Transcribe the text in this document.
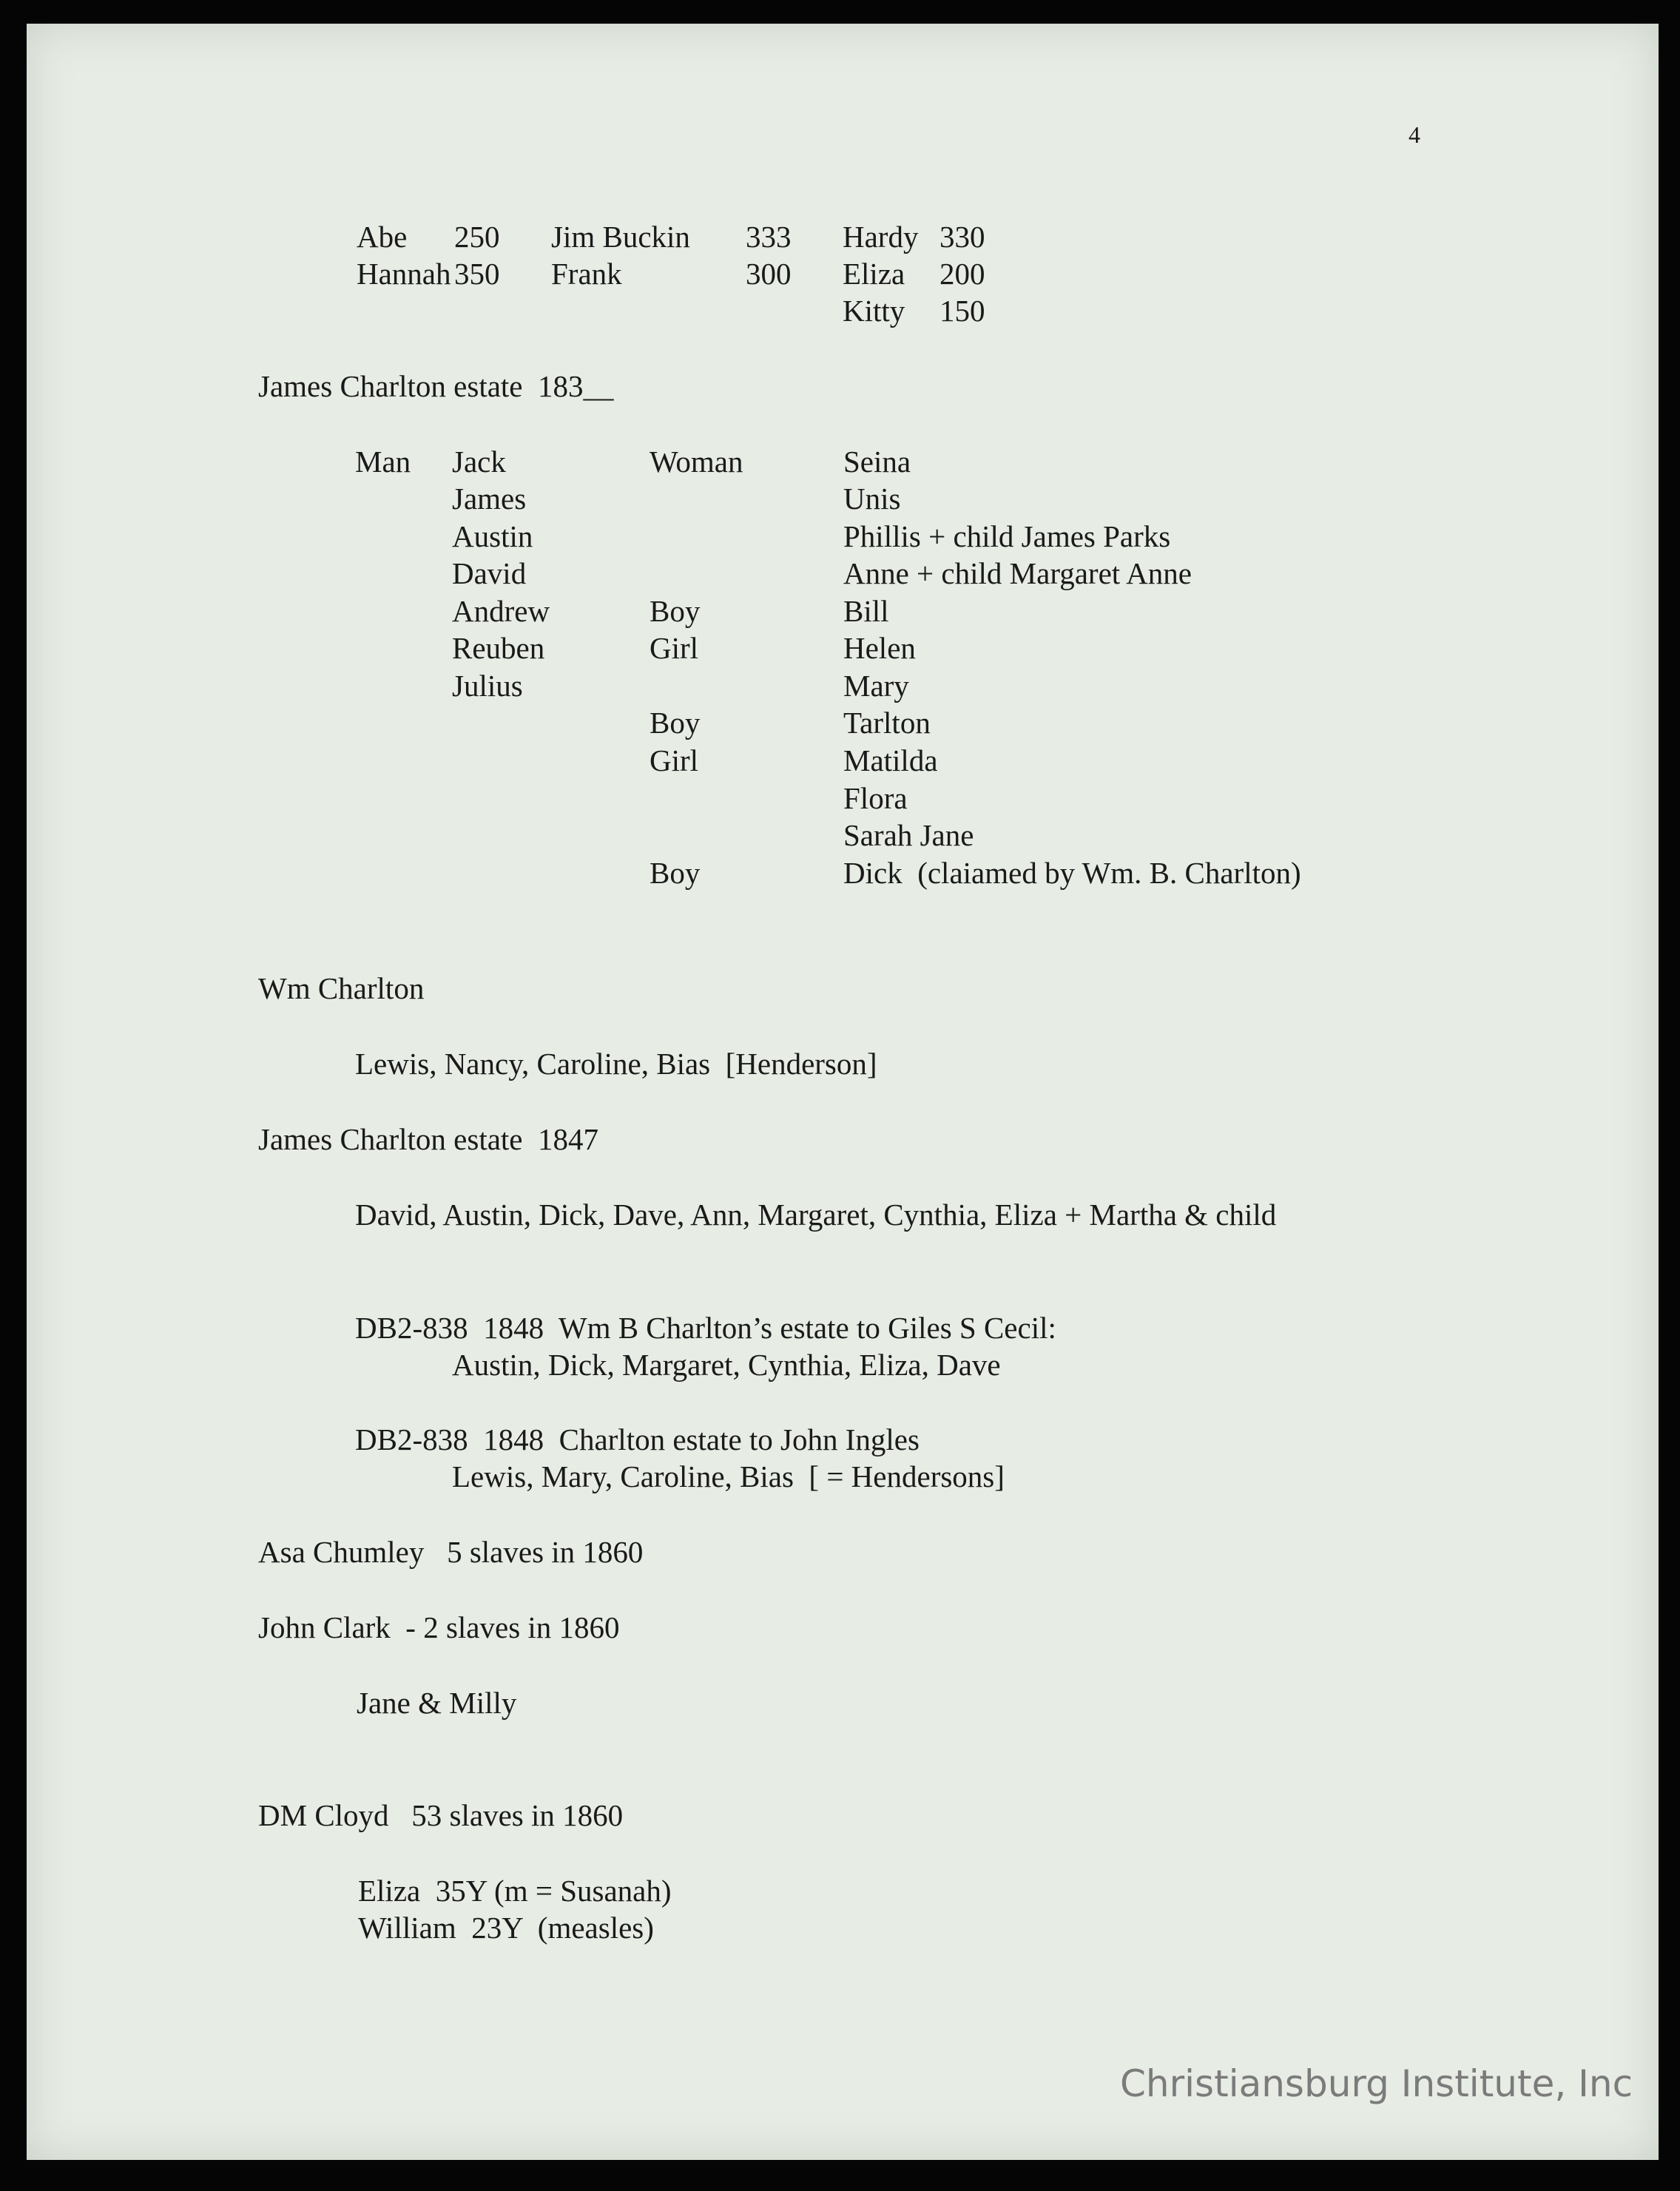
4
Abe 250
Hannah 350
Jim Buckin 333
Frank	300
Hardy 330
Eliza 200
Kitty 150
James Charlton estate  183__
Man Jack
James
Austin
David
Andrew
Reuben
Julius
Woman
Boy
Girl
Boy
Girl
Boy
Seina
Unis
Phillis + child James Parks
Anne + child Margaret Anne
Bill
Helen
Mary
Tarlton
Matilda
Flora
Sarah Jane
Dick  (claiamed by Wm. B. Charlton)
Wm Charlton
Lewis, Nancy, Caroline, Bias  [Henderson]
James Charlton estate  1847
David, Austin, Dick, Dave, Ann, Margaret, Cynthia, Eliza + Martha & child
DB2-838  1848  Wm B Charlton’s estate to Giles S Cecil:
Austin, Dick, Margaret, Cynthia, Eliza, Dave
DB2-838  1848  Charlton estate to John Ingles
Lewis, Mary, Caroline, Bias  [ = Hendersons]
Asa Chumley   5 slaves in 1860
John Clark  - 2 slaves in 1860
Jane & Milly
DM Cloyd   53 slaves in 1860
Eliza  35Y (m = Susanah)
William  23Y  (measles)
Christiansburg Institute, Inc
